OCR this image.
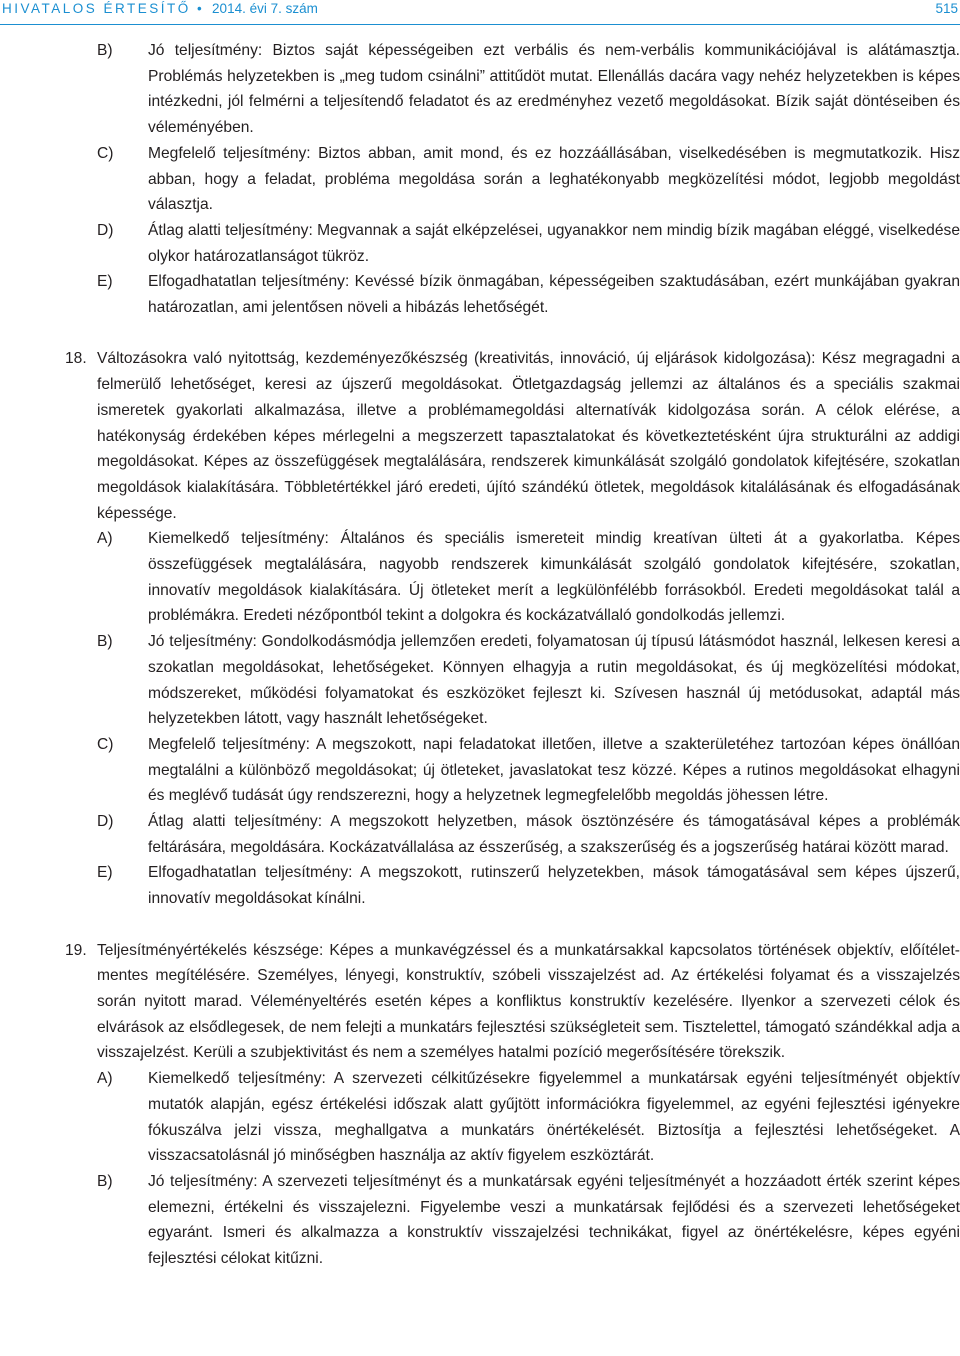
HIVATALOS ÉRTESÍTŐ • 2014. évi 7. szám	515
B) Jó teljesítmény: Biztos saját képességeiben ezt verbális és nem-verbális kommunikációjával is alátámasztja. Problémás helyzetekben is „meg tudom csinálni” attitűdöt mutat. Ellenállás dacára vagy nehéz helyzetekben is képes intézkedni, jól felmérni a teljesítendő feladatot és az eredményhez vezető megoldásokat. Bízik saját döntéseiben és véleményében.
C) Megfelelő teljesítmény: Biztos abban, amit mond, és ez hozzáállásában, viselkedésében is megmutatkozik. Hisz abban, hogy a feladat, probléma megoldása során a leghatékonyabb megközelítési módot, legjobb megoldást választja.
D) Átlag alatti teljesítmény: Megvannak a saját elképzelései, ugyanakkor nem mindig bízik magában eléggé, viselkedése olykor határozatlanságot tükröz.
E) Elfogadhatatlan teljesítmény: Kevéssé bízik önmagában, képességeiben szaktudásában, ezért munkájában gyakran határozatlan, ami jelentősen növeli a hibázás lehetőségét.
18. Változásokra való nyitottság, kezdeményezőkészség (kreativitás, innováció, új eljárások kidolgozása): Kész megragadni a felmerülő lehetőséget, keresi az újszerű megoldásokat. Ötletgazdagság jellemzi az általános és a speciális szakmai ismeretek gyakorlati alkalmazása, illetve a problémamegoldási alternatívák kidolgozása során. A célok elérése, a hatékonyság érdekében képes mérlegelni a megszerzett tapasztalatokat és következtetésként újra strukturálni az addigi megoldásokat. Képes az összefüggések megtalálására, rendszerek kimunkálását szolgáló gondolatok kifejtésére, szokatlan megoldások kialakítására. Többletértékkel járó eredeti, újító szándékú ötletek, megoldások kitalálásának és elfogadásának képessége.
A) Kiemelkedő teljesítmény: Általános és speciális ismereteit mindig kreatívan ülteti át a gyakorlatba. Képes összefüggések megtalálására, nagyobb rendszerek kimunkálását szolgáló gondolatok kifejtésére, szokatlan, innovatív megoldások kialakítására. Új ötleteket merít a legkülönfélébb forrásokból. Eredeti megoldásokat talál a problémákra. Eredeti nézőpontból tekint a dolgokra és kockázatvállaló gondolkodás jellemzi.
B) Jó teljesítmény: Gondolkodásmódja jellemzően eredeti, folyamatosan új típusú látásmódot használ, lelkesen keresi a szokatlan megoldásokat, lehetőségeket. Könnyen elhagyja a rutin megoldásokat, és új megközelítési módokat, módszereket, működési folyamatokat és eszközöket fejleszt ki. Szívesen használ új metódusokat, adaptál más helyzetekben látott, vagy használt lehetőségeket.
C) Megfelelő teljesítmény: A megszokott, napi feladatokat illetően, illetve a szakterületéhez tartozóan képes önállóan megtalálni a különböző megoldásokat; új ötleteket, javaslatokat tesz közzé. Képes a rutinos megoldásokat elhagyni és meglévő tudását úgy rendszerezni, hogy a helyzetnek legmegfelelőbb megoldás jöhessen létre.
D) Átlag alatti teljesítmény: A megszokott helyzetben, mások ösztönzésére és támogatásával képes a problémák feltárására, megoldására. Kockázatvállalása az ésszerűség, a szakszerűség és a jogszerűség határai között marad.
E) Elfogadhatatlan teljesítmény: A megszokott, rutinszerű helyzetekben, mások támogatásával sem képes újszerű, innovatív megoldásokat kínálni.
19. Teljesítményértékelés készsége: Képes a munkavégzéssel és a munkatársakkal kapcsolatos történések objektív, előítélet-mentes megítélésére. Személyes, lényegi, konstruktív, szóbeli visszajelzést ad. Az értékelési folyamat és a visszajelzés során nyitott marad. Véleményeltérés esetén képes a konfliktus konstruktív kezelésére. Ilyenkor a szervezeti célok és elvárások az elsődlegesek, de nem felejti a munkatárs fejlesztési szükségleteit sem. Tisztelettel, támogató szándékkal adja a visszajelzést. Kerüli a szubjektivitást és nem a személyes hatalmi pozíció megerősítésére törekszik.
A) Kiemelkedő teljesítmény: A szervezeti célkitűzésekre figyelemmel a munkatársak egyéni teljesítményét objektív mutatók alapján, egész értékelési időszak alatt gyűjtött információkra figyelemmel, az egyéni fejlesztési igényekre fókuszálva jelzi vissza, meghallgatva a munkatárs önértékelését. Biztosítja a fejlesztési lehetőségeket. A visszacsatolásnál jó minőségben használja az aktív figyelem eszköztárát.
B) Jó teljesítmény: A szervezeti teljesítményt és a munkatársak egyéni teljesítményét a hozzáadott érték szerint képes elemezni, értékelni és visszajelezni. Figyelembe veszi a munkatársak fejlődési és a szervezeti lehetőségeket egyaránt. Ismeri és alkalmazza a konstruktív visszajelzési technikákat, figyel az önértékelésre, képes egyéni fejlesztési célokat kitűzni.
